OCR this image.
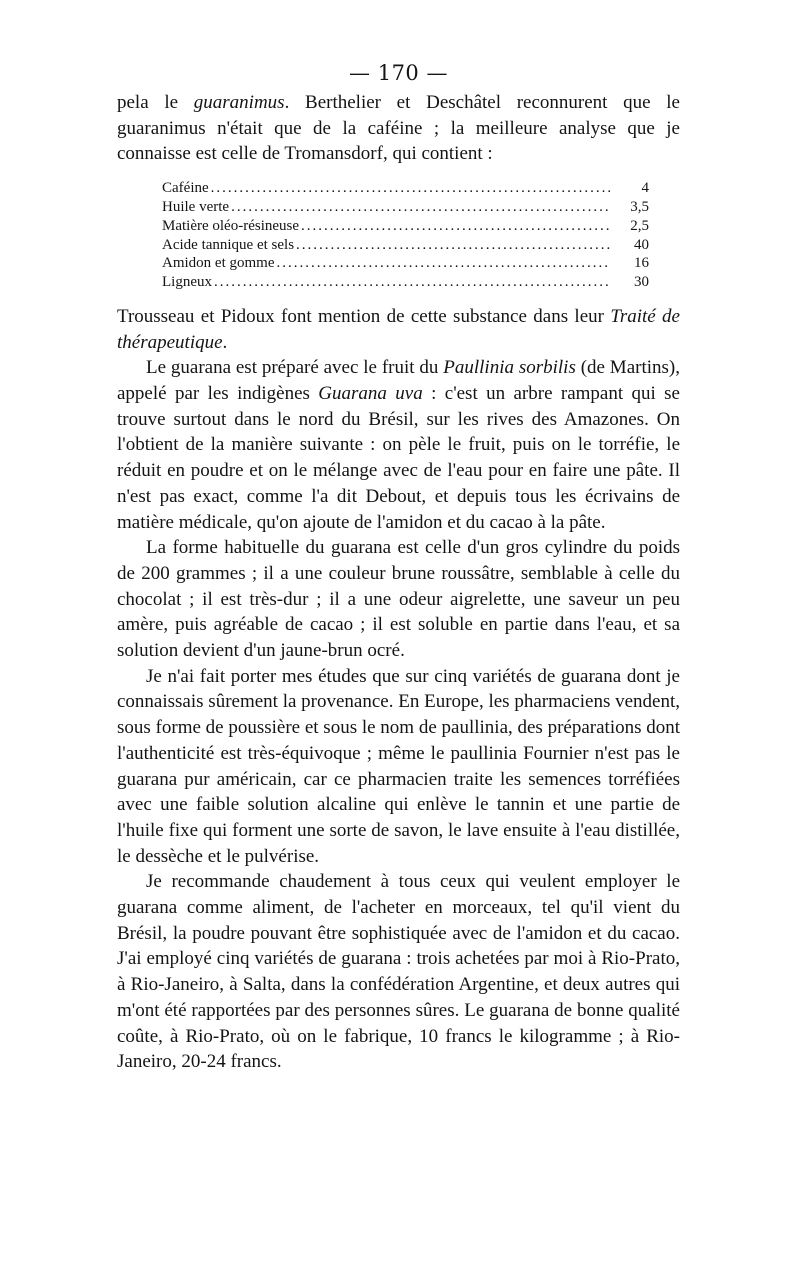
— 170 —

pela le guaranimus. Berthelier et Deschâtel reconnurent que le guaranimus n'était que de la caféine ; la meilleure analyse que je connaisse est celle de Tromansdorf, qui contient :

Caféine .....	4
Huile verte .....	3,5
Matière oléo-résineuse .....	2,5
Acide tannique et sels .....	40
Amidon et gomme .....	16
Ligneux .....	30

Trousseau et Pidoux font mention de cette substance dans leur Traité de thérapeutique.

Le guarana est préparé avec le fruit du Paullinia sorbilis (de Martins), appelé par les indigènes Guarana uva : c'est un arbre rampant qui se trouve surtout dans le nord du Brésil, sur les rives des Amazones. On l'obtient de la manière suivante : on pèle le fruit, puis on le torréfie, le réduit en poudre et on le mélange avec de l'eau pour en faire une pâte. Il n'est pas exact, comme l'a dit Debout, et depuis tous les écrivains de matière médicale, qu'on ajoute de l'amidon et du cacao à la pâte.

La forme habituelle du guarana est celle d'un gros cylindre du poids de 200 grammes ; il a une couleur brune roussâtre, semblable à celle du chocolat ; il est très-dur ; il a une odeur aigrelette, une saveur un peu amère, puis agréable de cacao ; il est soluble en partie dans l'eau, et sa solution devient d'un jaune-brun ocré.

Je n'ai fait porter mes études que sur cinq variétés de guarana dont je connaissais sûrement la provenance. En Europe, les pharmaciens vendent, sous forme de poussière et sous le nom de paullinia, des préparations dont l'authenticité est très-équivoque ; même le paullinia Fournier n'est pas le guarana pur américain, car ce pharmacien traite les semences torréfiées avec une faible solution alcaline qui enlève le tannin et une partie de l'huile fixe qui forment une sorte de savon, le lave ensuite à l'eau distillée, le dessèche et le pulvérise.

Je recommande chaudement à tous ceux qui veulent employer le guarana comme aliment, de l'acheter en morceaux, tel qu'il vient du Brésil, la poudre pouvant être sophistiquée avec de l'amidon et du cacao. J'ai employé cinq variétés de guarana : trois achetées par moi à Rio-Prato, à Rio-Janeiro, à Salta, dans la confédération Argentine, et deux autres qui m'ont été rapportées par des personnes sûres. Le guarana de bonne qualité coûte, à Rio-Prato, où on le fabrique, 10 francs le kilogramme ; à Rio-Janeiro, 20-24 francs.
